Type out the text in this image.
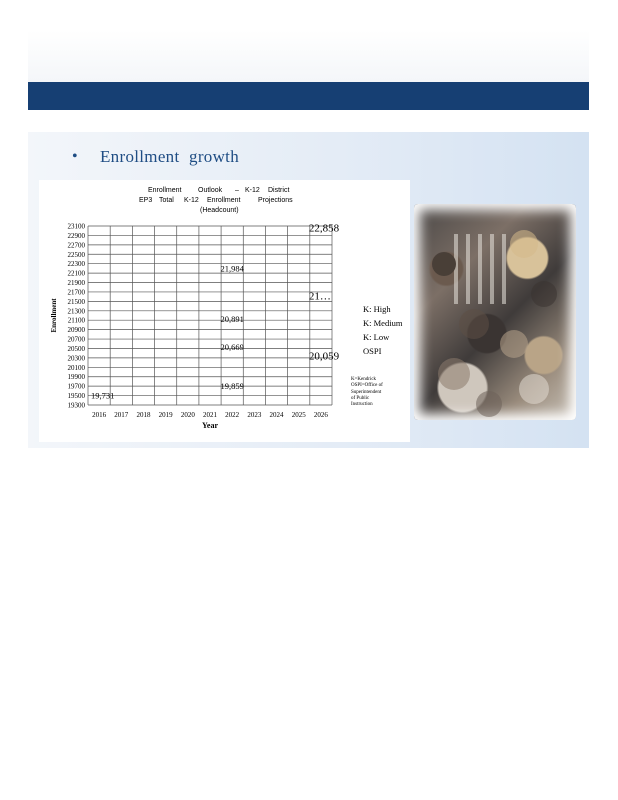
• Enrollment growth
Enrollment Outlook – K-12 District
EP3 Total K-12 Enrollment	Projections
(Headcount)
23100
22900
22700
22500
22300
22100
21900
21700
21500
21300
21100
20900
20700
20500
20300
20100
19900
19700
19500
19300
2016 2017 2018 2019 2020 2021 2022 2023 2024 2025 2026
Year
Enrollment
19,731
21,984
20,891
20,669
19,859
22,858
21…
20,059
K: High
K: Medium
K: Low
OSPI
K=Kendrick
OSPI=Office of
Superintendent
of Public
Instruction
